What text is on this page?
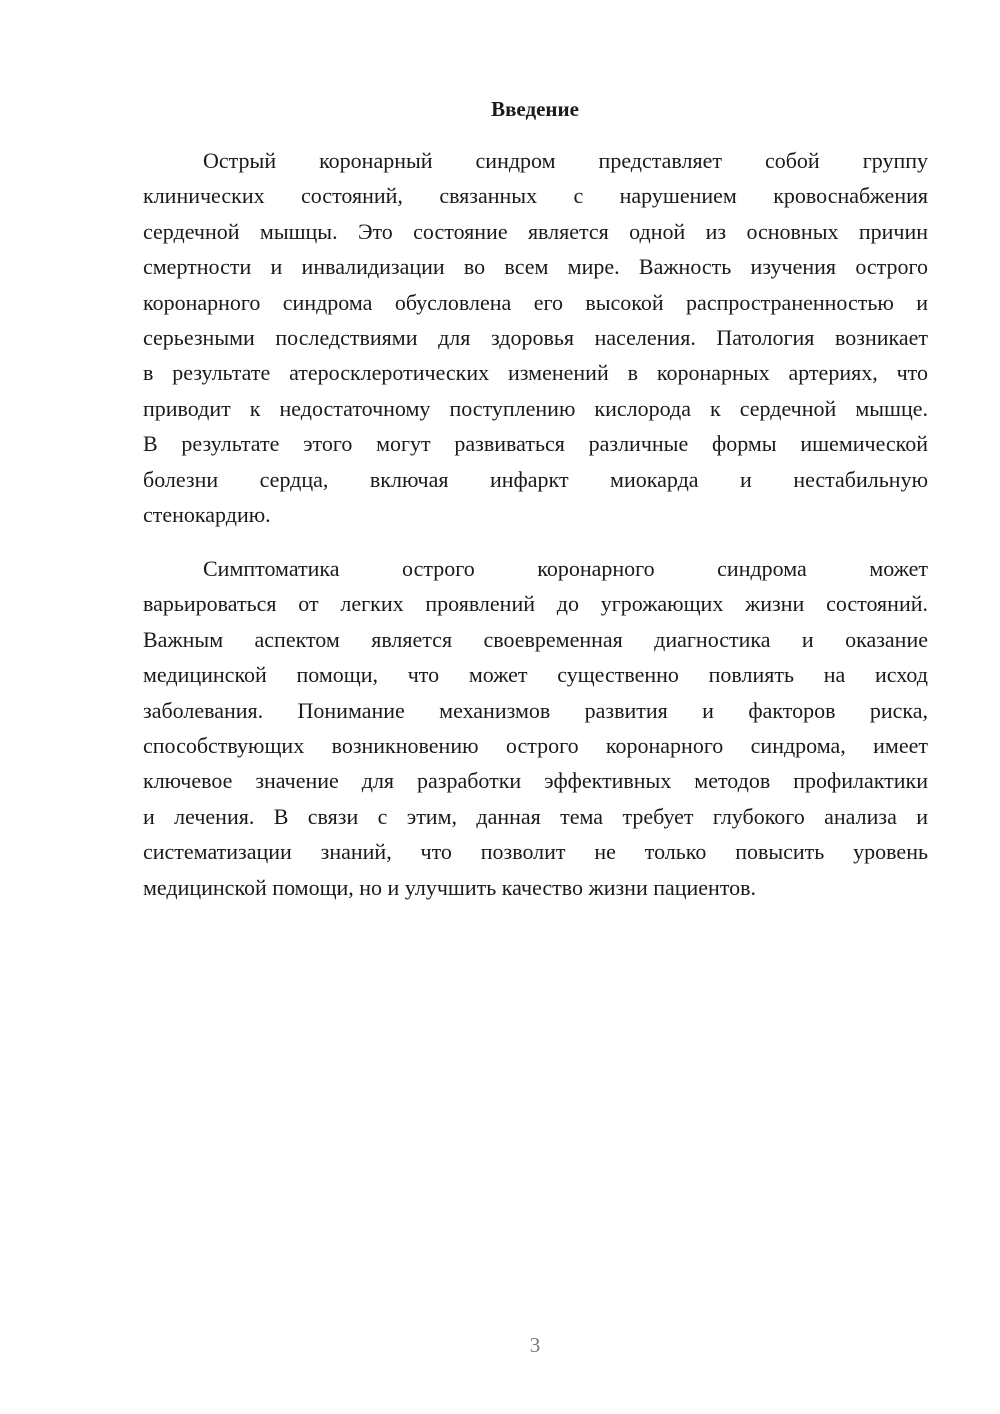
Введение
Острый коронарный синдром представляет собой группу
клинических состояний, связанных с нарушением кровоснабжения
сердечной мышцы. Это состояние является одной из основных причин
смертности и инвалидизации во всем мире. Важность изучения острого
коронарного синдрома обусловлена его высокой распространенностью и
серьезными последствиями для здоровья населения. Патология возникает
в результате атеросклеротических изменений в коронарных артериях, что
приводит к недостаточному поступлению кислорода к сердечной мышце.
В результате этого могут развиваться различные формы ишемической
болезни сердца, включая инфаркт миокарда и нестабильную
стенокардию.
Симптоматика острого коронарного синдрома может
варьироваться от легких проявлений до угрожающих жизни состояний.
Важным аспектом является своевременная диагностика и оказание
медицинской помощи, что может существенно повлиять на исход
заболевания. Понимание механизмов развития и факторов риска,
способствующих возникновению острого коронарного синдрома, имеет
ключевое значение для разработки эффективных методов профилактики
и лечения. В связи с этим, данная тема требует глубокого анализа и
систематизации знаний, что позволит не только повысить уровень
медицинской помощи, но и улучшить качество жизни пациентов.
3
